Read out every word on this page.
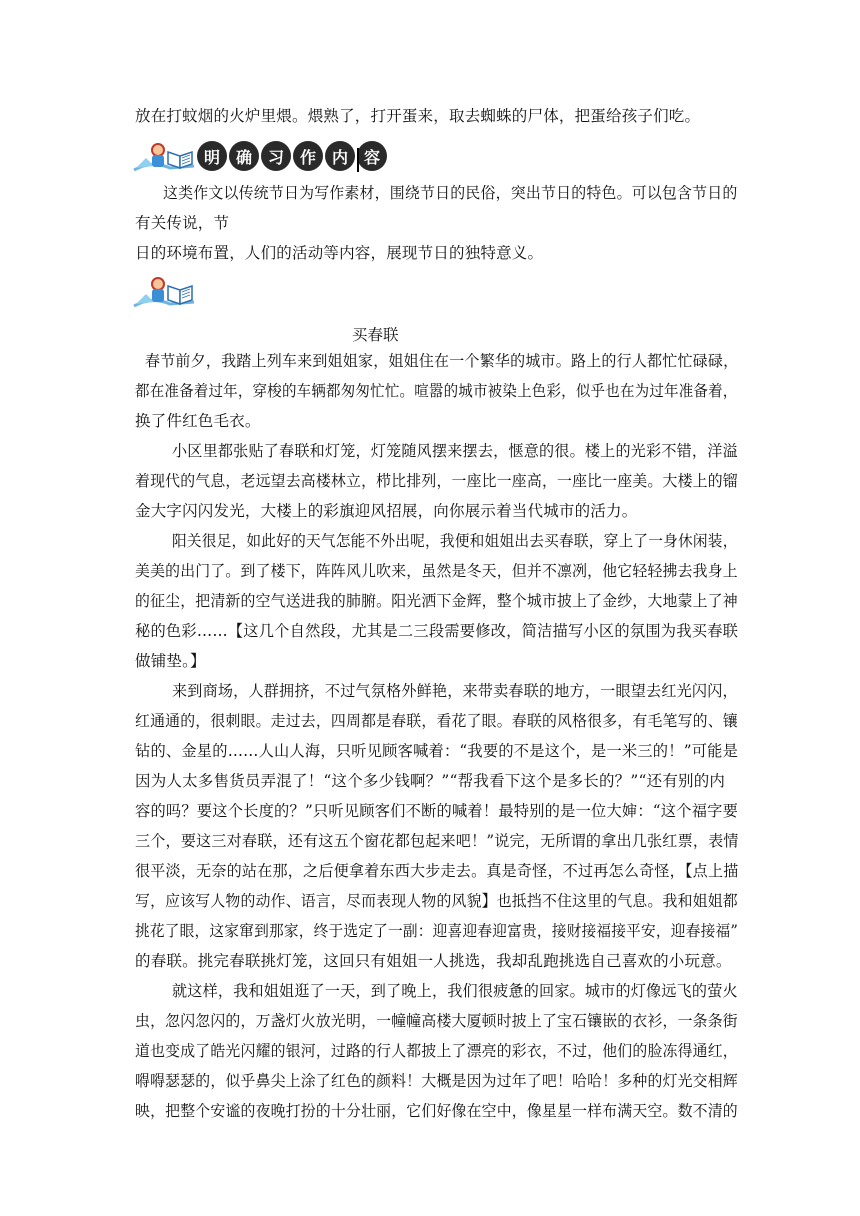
放在打蚊烟的火炉里煨。煨熟了，打开蛋来，取去蜘蛛的尸体，把蛋给孩子们吃。
明 确 习 作 内 容
这类作文以传统节日为写作素材，围绕节日的民俗，突出节日的特色。可以包含节日的
有关传说，节
日的环境布置，人们的活动等内容，展现节日的独特意义。
买春联
春节前夕，我踏上列车来到姐姐家，姐姐住在一个繁华的城市。路上的行人都忙忙碌碌，
都在准备着过年，穿梭的车辆都匆匆忙忙。喧嚣的城市被染上色彩，似乎也在为过年准备着，
换了件红色毛衣。
小区里都张贴了春联和灯笼，灯笼随风摆来摆去，惬意的很。楼上的光彩不错，洋溢
着现代的气息，老远望去高楼林立，栉比排列，一座比一座高，一座比一座美。大楼上的镏
金大字闪闪发光，大楼上的彩旗迎风招展，向你展示着当代城市的活力。
阳关很足，如此好的天气怎能不外出呢，我便和姐姐出去买春联，穿上了一身休闲装，
美美的出门了。到了楼下，阵阵风儿吹来，虽然是冬天，但并不凛冽，他它轻轻拂去我身上
的征尘，把清新的空气送进我的肺腑。阳光洒下金辉，整个城市披上了金纱，大地蒙上了神
秘的色彩……【这几个自然段，尤其是二三段需要修改，简洁描写小区的氛围为我买春联
做铺垫。】
来到商场，人群拥挤，不过气氛格外鲜艳，来带卖春联的地方，一眼望去红光闪闪，
红通通的，很刺眼。走过去，四周都是春联，看花了眼。春联的风格很多，有毛笔写的、镶
钻的、金星的……人山人海，只听见顾客喊着：“我要的不是这个，是一米三的！”可能是
因为人太多售货员弄混了！“这个多少钱啊？”“帮我看下这个是多长的？”“还有别的内
容的吗？要这个长度的？”只听见顾客们不断的喊着！最特别的是一位大婶：“这个福字要
三个，要这三对春联，还有这五个窗花都包起来吧！”说完，无所谓的拿出几张红票，表情
很平淡，无奈的站在那，之后便拿着东西大步走去。真是奇怪，不过再怎么奇怪，【点上描
写，应该写人物的动作、语言，尽而表现人物的风貌】也抵挡不住这里的气息。我和姐姐都
挑花了眼，这家窜到那家，终于选定了一副：迎喜迎春迎富贵，接财接福接平安，迎春接福”
的春联。挑完春联挑灯笼，这回只有姐姐一人挑选，我却乱跑挑选自己喜欢的小玩意。
就这样，我和姐姐逛了一天，到了晚上，我们很疲惫的回家。城市的灯像远飞的萤火
虫，忽闪忽闪的，万盏灯火放光明，一幢幢高楼大厦顿时披上了宝石镶嵌的衣衫，一条条街
道也变成了皓光闪耀的银河，过路的行人都披上了漂亮的彩衣，不过，他们的脸冻得通红，
嘚嘚瑟瑟的，似乎鼻尖上涂了红色的颜料！大概是因为过年了吧！哈哈！多种的灯光交相辉
映，把整个安谧的夜晚打扮的十分壮丽，它们好像在空中，像星星一样布满天空。数不清的
